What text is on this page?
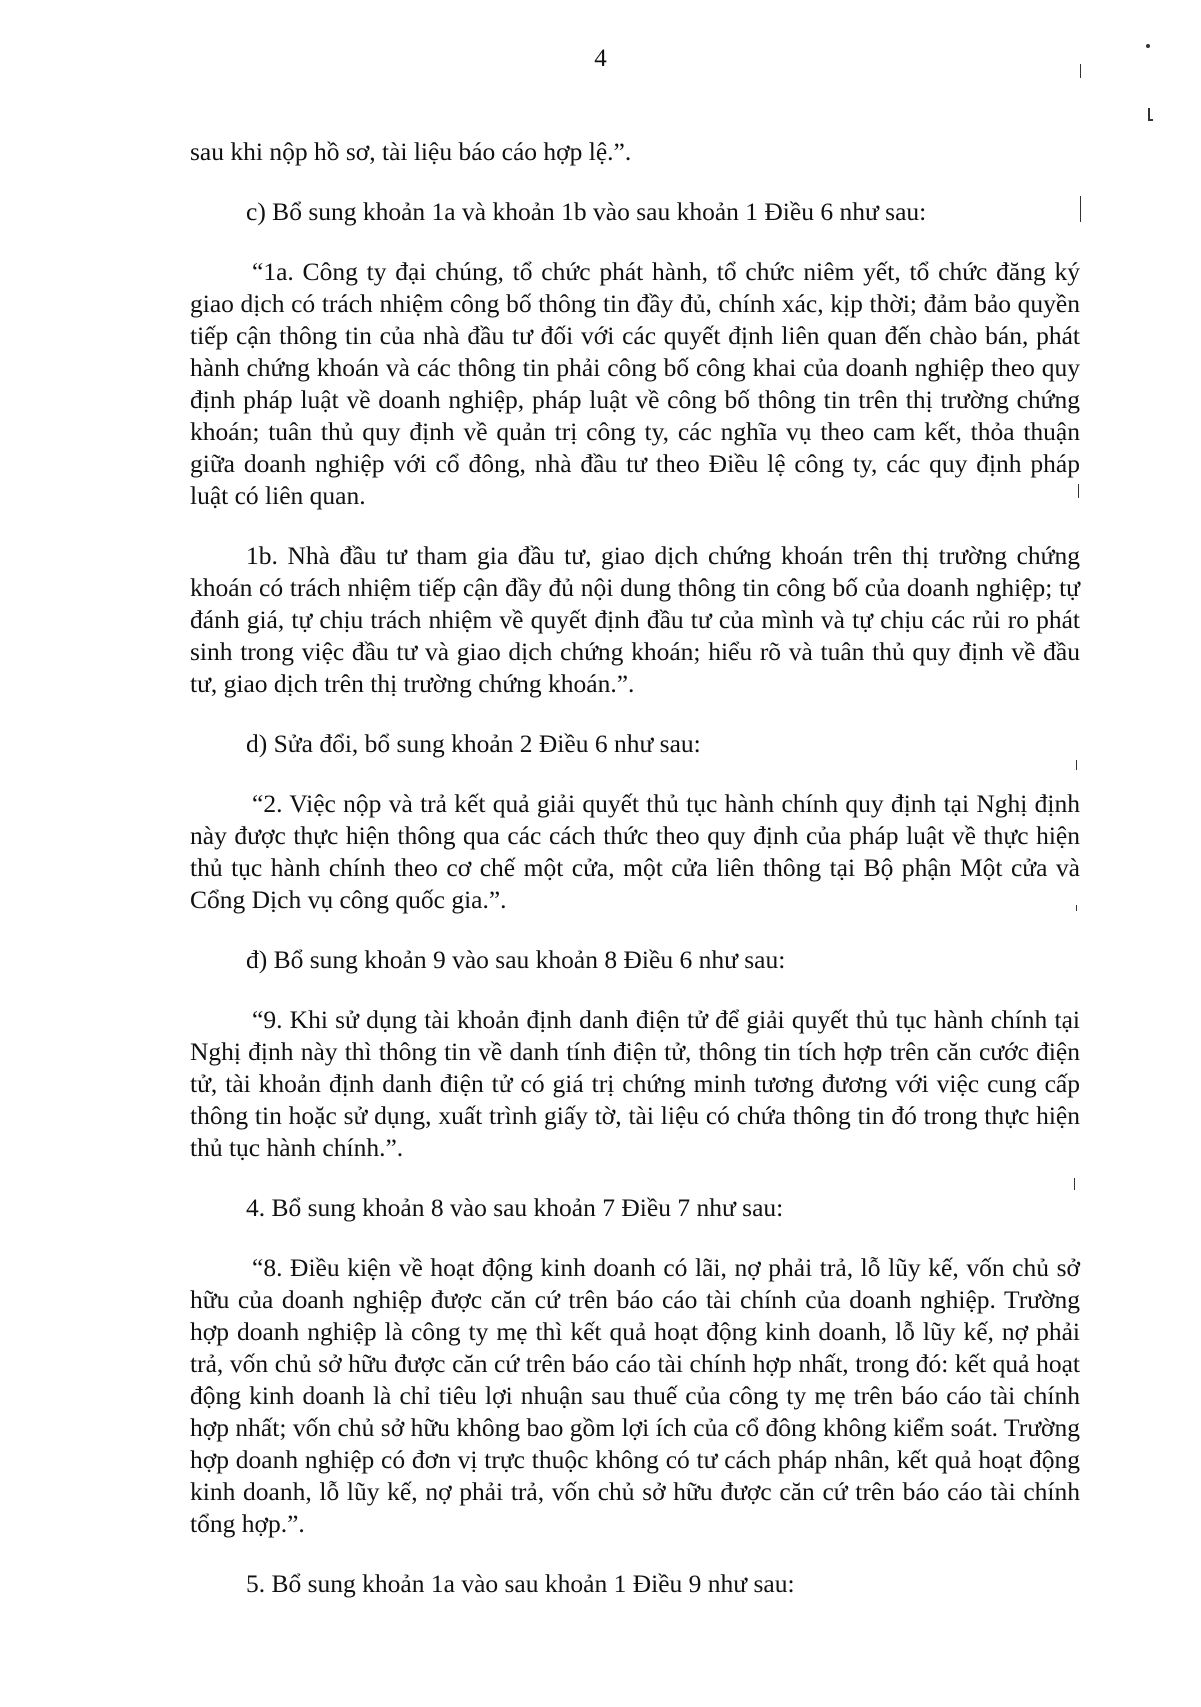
4

sau khi nộp hồ sơ, tài liệu báo cáo hợp lệ.”.

c) Bổ sung khoản 1a và khoản 1b vào sau khoản 1 Điều 6 như sau:

“1a. Công ty đại chúng, tổ chức phát hành, tổ chức niêm yết, tổ chức đăng ký giao dịch có trách nhiệm công bố thông tin đầy đủ, chính xác, kịp thời; đảm bảo quyền tiếp cận thông tin của nhà đầu tư đối với các quyết định liên quan đến chào bán, phát hành chứng khoán và các thông tin phải công bố công khai của doanh nghiệp theo quy định pháp luật về doanh nghiệp, pháp luật về công bố thông tin trên thị trường chứng khoán; tuân thủ quy định về quản trị công ty, các nghĩa vụ theo cam kết, thỏa thuận giữa doanh nghiệp với cổ đông, nhà đầu tư theo Điều lệ công ty, các quy định pháp luật có liên quan.

1b. Nhà đầu tư tham gia đầu tư, giao dịch chứng khoán trên thị trường chứng khoán có trách nhiệm tiếp cận đầy đủ nội dung thông tin công bố của doanh nghiệp; tự đánh giá, tự chịu trách nhiệm về quyết định đầu tư của mình và tự chịu các rủi ro phát sinh trong việc đầu tư và giao dịch chứng khoán; hiểu rõ và tuân thủ quy định về đầu tư, giao dịch trên thị trường chứng khoán.”.

d) Sửa đổi, bổ sung khoản 2 Điều 6 như sau:

“2. Việc nộp và trả kết quả giải quyết thủ tục hành chính quy định tại Nghị định này được thực hiện thông qua các cách thức theo quy định của pháp luật về thực hiện thủ tục hành chính theo cơ chế một cửa, một cửa liên thông tại Bộ phận Một cửa và Cổng Dịch vụ công quốc gia.”.

đ) Bổ sung khoản 9 vào sau khoản 8 Điều 6 như sau:

“9. Khi sử dụng tài khoản định danh điện tử để giải quyết thủ tục hành chính tại Nghị định này thì thông tin về danh tính điện tử, thông tin tích hợp trên căn cước điện tử, tài khoản định danh điện tử có giá trị chứng minh tương đương với việc cung cấp thông tin hoặc sử dụng, xuất trình giấy tờ, tài liệu có chứa thông tin đó trong thực hiện thủ tục hành chính.”.

4. Bổ sung khoản 8 vào sau khoản 7 Điều 7 như sau:

“8. Điều kiện về hoạt động kinh doanh có lãi, nợ phải trả, lỗ lũy kế, vốn chủ sở hữu của doanh nghiệp được căn cứ trên báo cáo tài chính của doanh nghiệp. Trường hợp doanh nghiệp là công ty mẹ thì kết quả hoạt động kinh doanh, lỗ lũy kế, nợ phải trả, vốn chủ sở hữu được căn cứ trên báo cáo tài chính hợp nhất, trong đó: kết quả hoạt động kinh doanh là chỉ tiêu lợi nhuận sau thuế của công ty mẹ trên báo cáo tài chính hợp nhất; vốn chủ sở hữu không bao gồm lợi ích của cổ đông không kiểm soát. Trường hợp doanh nghiệp có đơn vị trực thuộc không có tư cách pháp nhân, kết quả hoạt động kinh doanh, lỗ lũy kế, nợ phải trả, vốn chủ sở hữu được căn cứ trên báo cáo tài chính tổng hợp.”.

5. Bổ sung khoản 1a vào sau khoản 1 Điều 9 như sau:
